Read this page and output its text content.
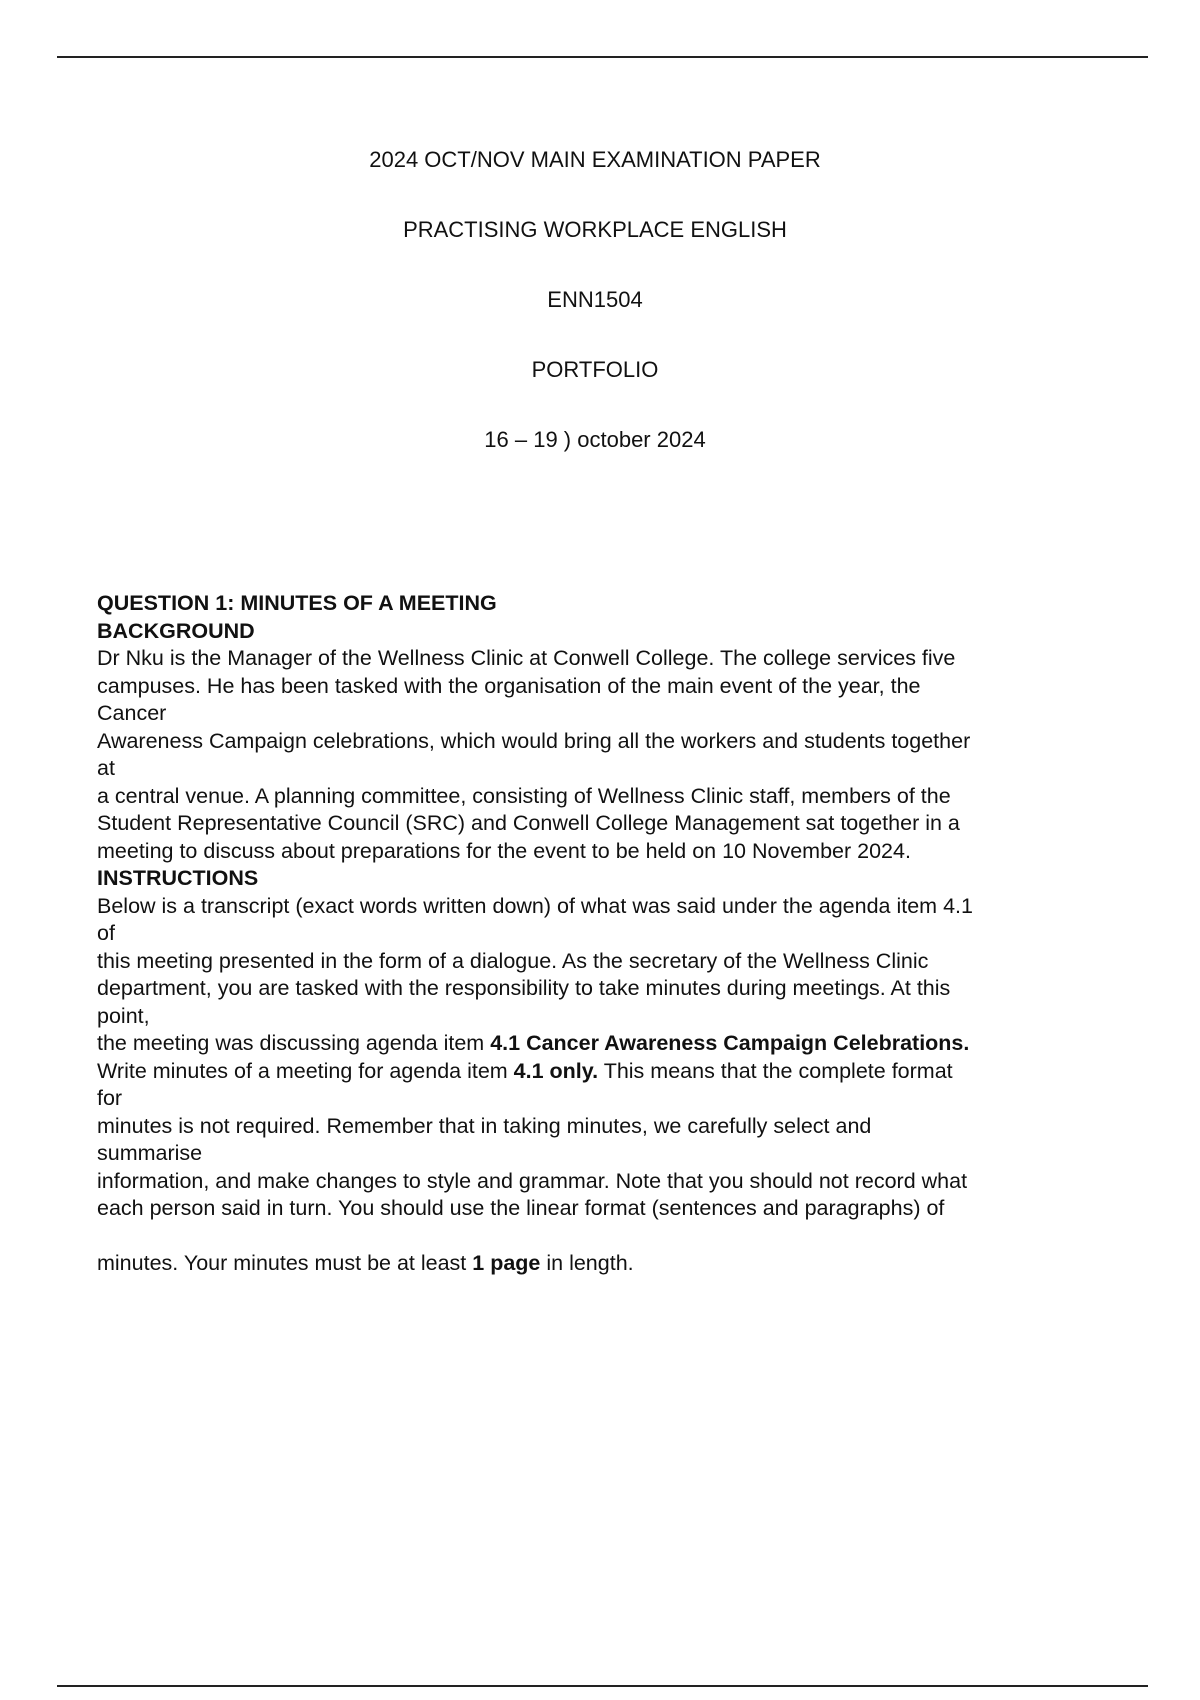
2024 OCT/NOV MAIN EXAMINATION PAPER

PRACTISING WORKPLACE ENGLISH

ENN1504

PORTFOLIO

16 – 19 ) october 2024

QUESTION 1: MINUTES OF A MEETING

BACKGROUND

Dr Nku is the Manager of the Wellness Clinic at Conwell College. The college services five
campuses. He has been tasked with the organisation of the main event of the year, the
Cancer
Awareness Campaign celebrations, which would bring all the workers and students together
at
a central venue. A planning committee, consisting of Wellness Clinic staff, members of the
Student Representative Council (SRC) and Conwell College Management sat together in a
meeting to discuss about preparations for the event to be held on 10 November 2024.

INSTRUCTIONS

Below is a transcript (exact words written down) of what was said under the agenda item 4.1
of
this meeting presented in the form of a dialogue. As the secretary of the Wellness Clinic
department, you are tasked with the responsibility to take minutes during meetings. At this
point,

the meeting was discussing agenda item 4.1 Cancer Awareness Campaign Celebrations.

Write minutes of a meeting for agenda item 4.1 only. This means that the complete format
for
minutes is not required. Remember that in taking minutes, we carefully select and
summarise
information, and make changes to style and grammar. Note that you should not record what
each person said in turn. You should use the linear format (sentences and paragraphs) of

minutes. Your minutes must be at least 1 page in length.
